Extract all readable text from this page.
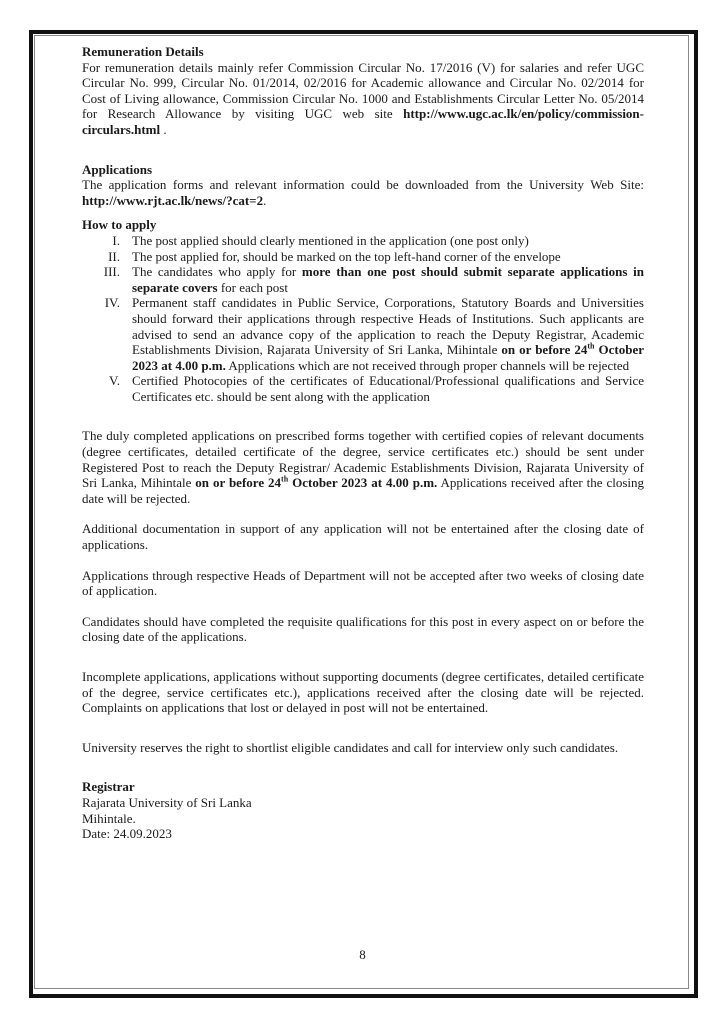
Remuneration Details

For remuneration details mainly refer Commission Circular No. 17/2016 (V) for salaries and refer UGC Circular No. 999, Circular No. 01/2014, 02/2016 for Academic allowance and Circular No. 02/2014 for Cost of Living allowance, Commission Circular No. 1000 and Establishments Circular Letter No. 05/2014 for Research Allowance by visiting UGC web site http://www.ugc.ac.lk/en/policy/commission-circulars.html .

Applications

The application forms and relevant information could be downloaded from the University Web Site: http://www.rjt.ac.lk/news/?cat=2.

How to apply

I. The post applied should clearly mentioned in the application (one post only)
II. The post applied for, should be marked on the top left-hand corner of the envelope
III. The candidates who apply for more than one post should submit separate applications in separate covers for each post
IV. Permanent staff candidates in Public Service, Corporations, Statutory Boards and Universities should forward their applications through respective Heads of Institutions. Such applicants are advised to send an advance copy of the application to reach the Deputy Registrar, Academic Establishments Division, Rajarata University of Sri Lanka, Mihintale on or before 24th October 2023 at 4.00 p.m. Applications which are not received through proper channels will be rejected
V. Certified Photocopies of the certificates of Educational/Professional qualifications and Service Certificates etc. should be sent along with the application

The duly completed applications on prescribed forms together with certified copies of relevant documents (degree certificates, detailed certificate of the degree, service certificates etc.) should be sent under Registered Post to reach the Deputy Registrar/ Academic Establishments Division, Rajarata University of Sri Lanka, Mihintale on or before 24th October 2023 at 4.00 p.m. Applications received after the closing date will be rejected.

Additional documentation in support of any application will not be entertained after the closing date of applications.

Applications through respective Heads of Department will not be accepted after two weeks of closing date of application.

Candidates should have completed the requisite qualifications for this post in every aspect on or before the closing date of the applications.

Incomplete applications, applications without supporting documents (degree certificates, detailed certificate of the degree, service certificates etc.), applications received after the closing date will be rejected. Complaints on applications that lost or delayed in post will not be entertained.

University reserves the right to shortlist eligible candidates and call for interview only such candidates.

Registrar

Rajarata University of Sri Lanka

Mihintale.

Date: 24.09.2023

8
